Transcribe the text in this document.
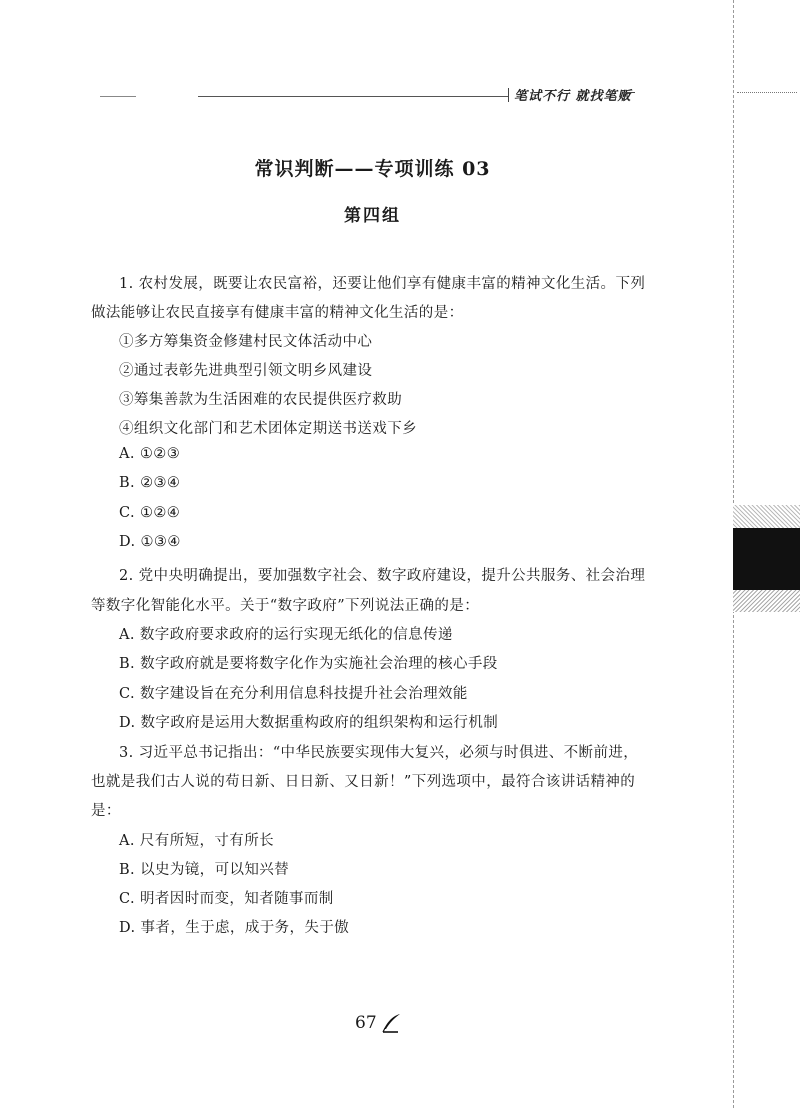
笔试不行 就找笔贩
常识判断——专项训练 03
第四组
1. 农村发展，既要让农民富裕，还要让他们享有健康丰富的精神文化生活。下列
做法能够让农民直接享有健康丰富的精神文化生活的是：
①多方筹集资金修建村民文体活动中心
②通过表彰先进典型引领文明乡风建设
③筹集善款为生活困难的农民提供医疗救助
④组织文化部门和艺术团体定期送书送戏下乡
A. ①②③
B. ②③④
C. ①②④
D. ①③④
2. 党中央明确提出，要加强数字社会、数字政府建设，提升公共服务、社会治理
等数字化智能化水平。关于“数字政府”下列说法正确的是：
A. 数字政府要求政府的运行实现无纸化的信息传递
B. 数字政府就是要将数字化作为实施社会治理的核心手段
C. 数字建设旨在充分利用信息科技提升社会治理效能
D. 数字政府是运用大数据重构政府的组织架构和运行机制
3. 习近平总书记指出：“中华民族要实现伟大复兴，必须与时俱进、不断前进，
也就是我们古人说的苟日新、日日新、又日新！”下列选项中，最符合该讲话精神的
是：
A. 尺有所短，寸有所长
B. 以史为镜，可以知兴替
C. 明者因时而变，知者随事而制
D. 事者，生于虑，成于务，失于傲
67
